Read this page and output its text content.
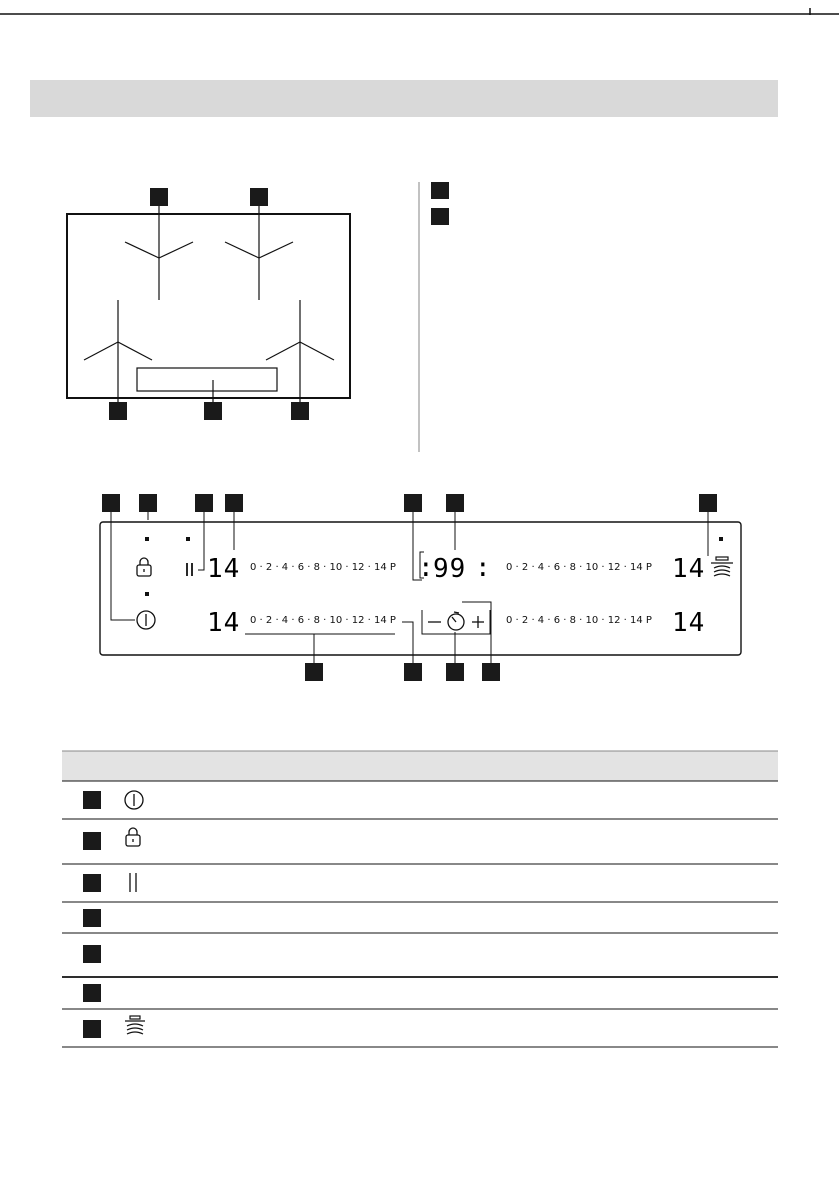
14
14
14
14
:
99 :
0 · 2 · 4 · 6 · 8 · 10 · 12 · 14 P
0 · 2 · 4 · 6 · 8 · 10 · 12 · 14 P
0 · 2 · 4 · 6 · 8 · 10 · 12 · 14 P
0 · 2 · 4 · 6 · 8 · 10 · 12 · 14 P
